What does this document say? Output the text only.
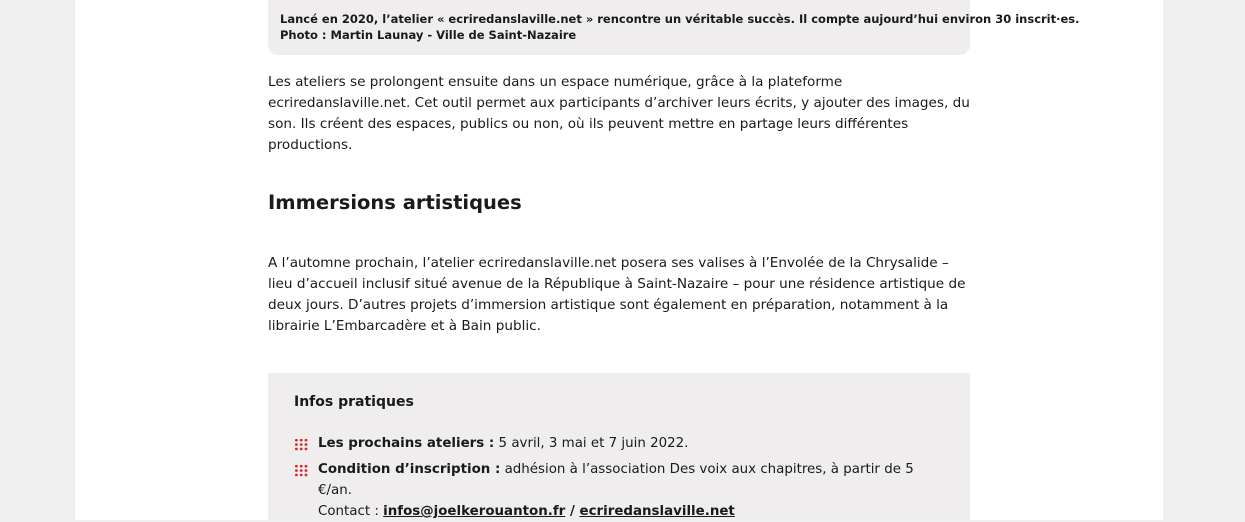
Lancé en 2020, l’atelier « ecriredanslaville.net » rencontre un véritable succès. Il compte aujourd’hui environ 30 inscrit·es.
Photo : Martin Launay - Ville de Saint-Nazaire
Les ateliers se prolongent ensuite dans un espace numérique, grâce à la plateforme ecriredanslaville.net. Cet outil permet aux participants d’archiver leurs écrits, y ajouter des images, du son. Ils créent des espaces, publics ou non, où ils peuvent mettre en partage leurs différentes productions.
Immersions artistiques
A l’automne prochain, l’atelier ecriredanslaville.net posera ses valises à l’Envolée de la Chrysalide – lieu d’accueil inclusif situé avenue de la République à Saint-Nazaire – pour une résidence artistique de deux jours. D’autres projets d’immersion artistique sont également en préparation, notamment à la librairie L’Embarcadère et à Bain public.
Infos pratiques
Les prochains ateliers : 5 avril, 3 mai et 7 juin 2022.
Condition d’inscription : adhésion à l’association Des voix aux chapitres, à partir de 5 €/an.
Contact : infos@joelkerouanton.fr / ecriredanslaville.net
